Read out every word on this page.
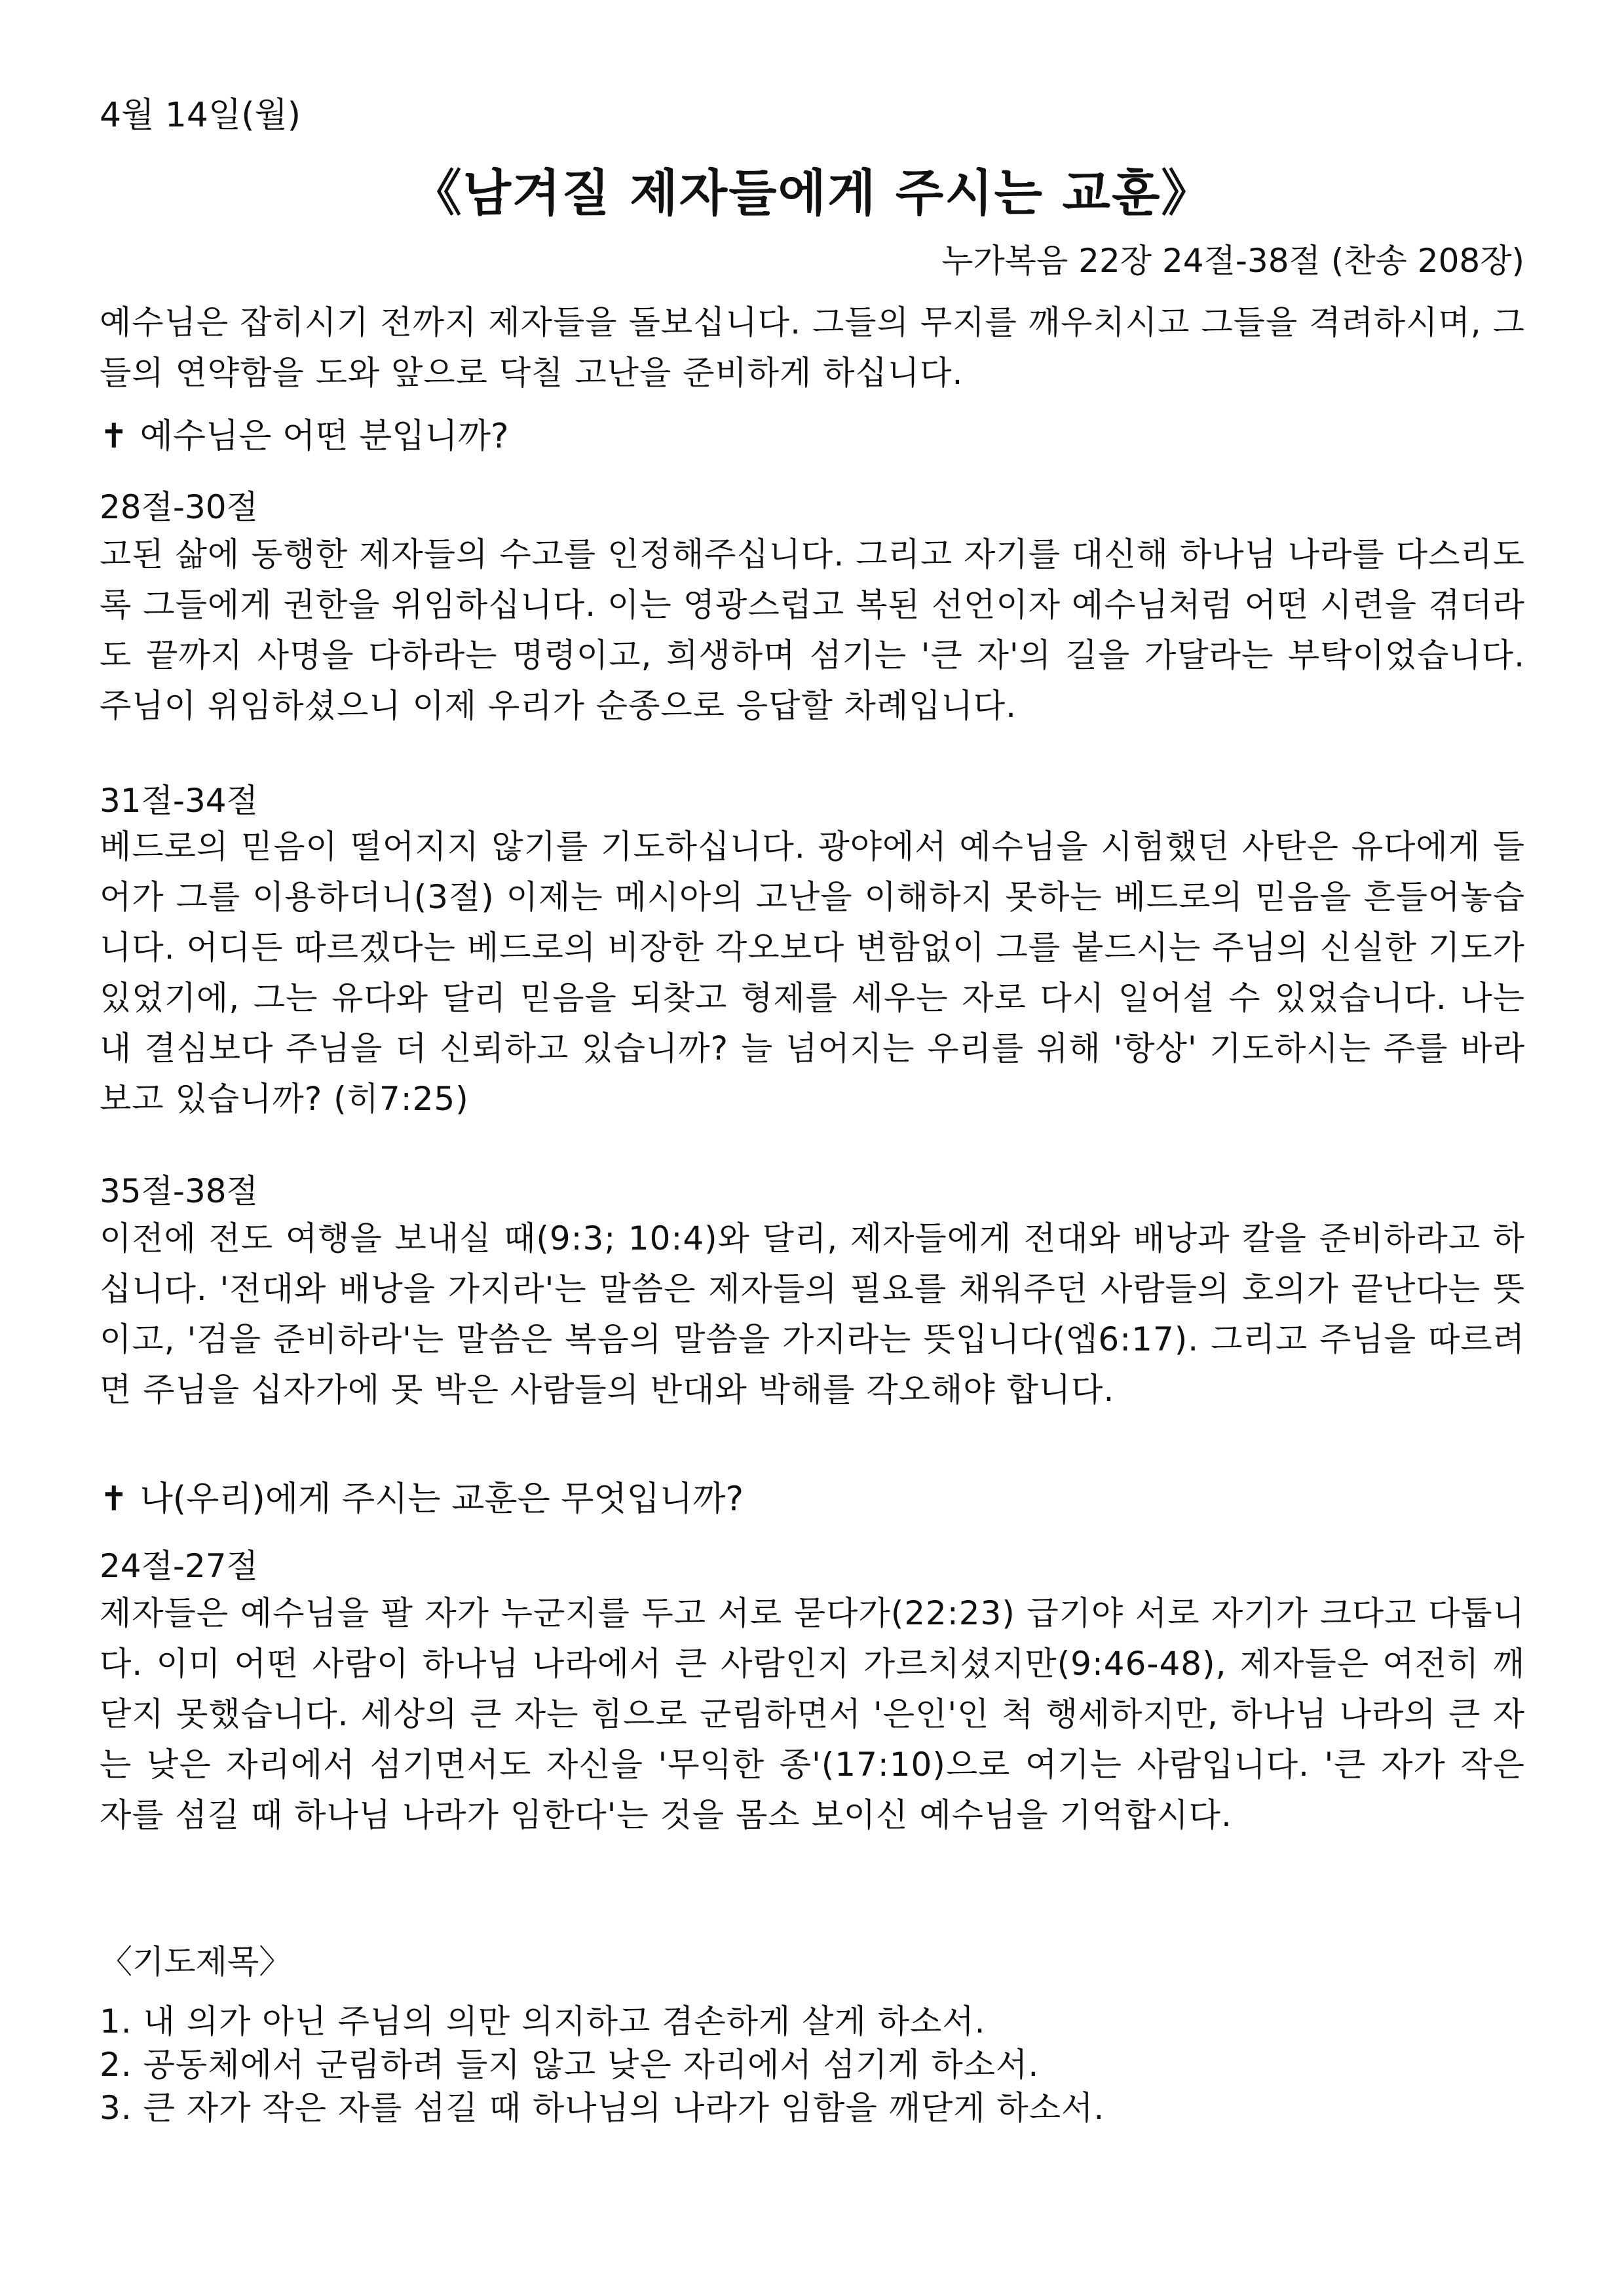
4월 14일(월)
《남겨질 제자들에게 주시는 교훈》
누가복음 22장 24절-38절 (찬송 208장)
예수님은 잡히시기 전까지 제자들을 돌보십니다. 그들의 무지를 깨우치시고 그들을 격려하시며, 그들의 연약함을 도와 앞으로 닥칠 고난을 준비하게 하십니다.
✝ 예수님은 어떤 분입니까?
28절-30절
고된 삶에 동행한 제자들의 수고를 인정해주십니다. 그리고 자기를 대신해 하나님 나라를 다스리도록 그들에게 권한을 위임하십니다. 이는 영광스럽고 복된 선언이자 예수님처럼 어떤 시련을 겪더라도 끝까지 사명을 다하라는 명령이고, 희생하며 섬기는 '큰 자'의 길을 가달라는 부탁이었습니다. 주님이 위임하셨으니 이제 우리가 순종으로 응답할 차례입니다.
31절-34절
베드로의 믿음이 떨어지지 않기를 기도하십니다. 광야에서 예수님을 시험했던 사탄은 유다에게 들어가 그를 이용하더니(3절) 이제는 메시아의 고난을 이해하지 못하는 베드로의 믿음을 흔들어놓습니다. 어디든 따르겠다는 베드로의 비장한 각오보다 변함없이 그를 붙드시는 주님의 신실한 기도가 있었기에, 그는 유다와 달리 믿음을 되찾고 형제를 세우는 자로 다시 일어설 수 있었습니다. 나는 내 결심보다 주님을 더 신뢰하고 있습니까? 늘 넘어지는 우리를 위해 '항상' 기도하시는 주를 바라보고 있습니까? (히7:25)
35절-38절
이전에 전도 여행을 보내실 때(9:3; 10:4)와 달리, 제자들에게 전대와 배낭과 칼을 준비하라고 하십니다. '전대와 배낭을 가지라'는 말씀은 제자들의 필요를 채워주던 사람들의 호의가 끝난다는 뜻이고, '검을 준비하라'는 말씀은 복음의 말씀을 가지라는 뜻입니다(엡6:17). 그리고 주님을 따르려면 주님을 십자가에 못 박은 사람들의 반대와 박해를 각오해야 합니다.
✝ 나(우리)에게 주시는 교훈은 무엇입니까?
24절-27절
제자들은 예수님을 팔 자가 누군지를 두고 서로 묻다가(22:23) 급기야 서로 자기가 크다고 다툽니다. 이미 어떤 사람이 하나님 나라에서 큰 사람인지 가르치셨지만(9:46-48), 제자들은 여전히 깨닫지 못했습니다. 세상의 큰 자는 힘으로 군림하면서 '은인'인 척 행세하지만, 하나님 나라의 큰 자는 낮은 자리에서 섬기면서도 자신을 '무익한 종'(17:10)으로 여기는 사람입니다. '큰 자가 작은 자를 섬길 때 하나님 나라가 임한다'는 것을 몸소 보이신 예수님을 기억합시다.
〈기도제목〉
1. 내 의가 아닌 주님의 의만 의지하고 겸손하게 살게 하소서.
2. 공동체에서 군림하려 들지 않고 낮은 자리에서 섬기게 하소서.
3. 큰 자가 작은 자를 섬길 때 하나님의 나라가 임함을 깨닫게 하소서.
